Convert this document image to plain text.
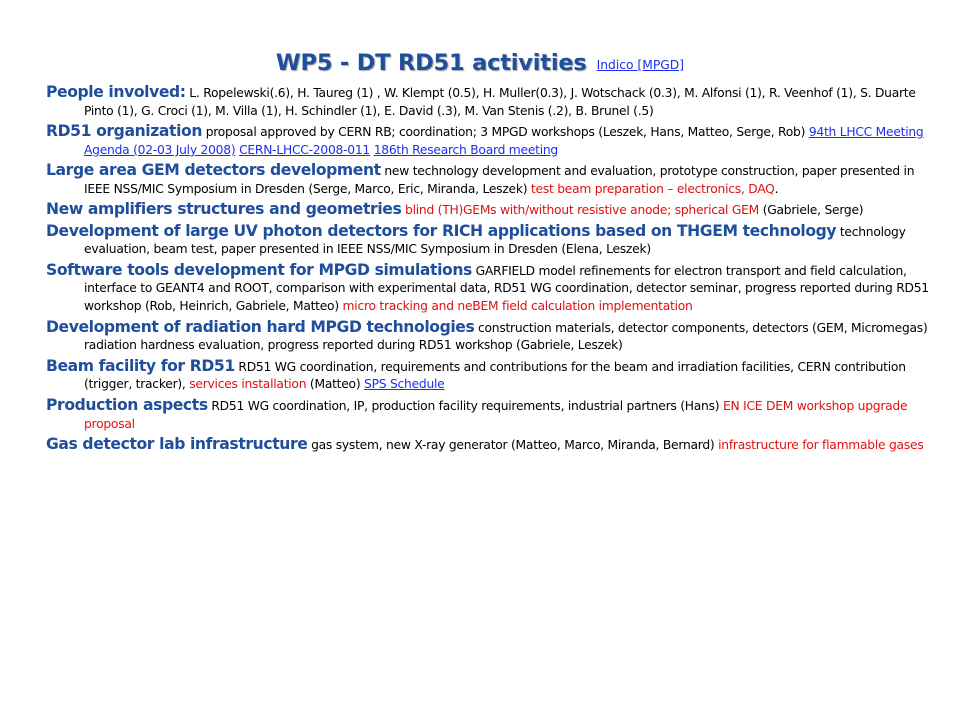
WP5 - DT RD51 activities Indico [MPGD]
People involved: L. Ropelewski(.6), H. Taureg (1) , W. Klempt (0.5), H. Muller(0.3), J. Wotschack (0.3), M. Alfonsi (1), R. Veenhof (1), S. Duarte Pinto (1), G. Croci (1), M. Villa (1), H. Schindler (1), E. David (.3), M. Van Stenis (.2), B. Brunel (.5)
RD51 organization proposal approved by CERN RB; coordination; 3 MPGD workshops (Leszek, Hans, Matteo, Serge, Rob) 94th LHCC Meeting Agenda (02-03 July 2008) CERN-LHCC-2008-011 186th Research Board meeting
Large area GEM detectors development new technology development and evaluation, prototype construction, paper presented in IEEE NSS/MIC Symposium in Dresden (Serge, Marco, Eric, Miranda, Leszek) test beam preparation – electronics, DAQ.
New amplifiers structures and geometries blind (TH)GEMs with/without resistive anode; spherical GEM (Gabriele, Serge)
Development of large UV photon detectors for RICH applications based on THGEM technology technology evaluation, beam test, paper presented in IEEE NSS/MIC Symposium in Dresden (Elena, Leszek)
Software tools development for MPGD simulations GARFIELD model refinements for electron transport and field calculation, interface to GEANT4 and ROOT, comparison with experimental data, RD51 WG coordination, detector seminar, progress reported during RD51 workshop (Rob, Heinrich, Gabriele, Matteo) micro tracking and neBEM field calculation implementation
Development of radiation hard MPGD technologies construction materials, detector components, detectors (GEM, Micromegas) radiation hardness evaluation, progress reported during RD51 workshop (Gabriele, Leszek)
Beam facility for RD51 RD51 WG coordination, requirements and contributions for the beam and irradiation facilities, CERN contribution (trigger, tracker), services installation (Matteo) SPS Schedule
Production aspects RD51 WG coordination, IP, production facility requirements, industrial partners (Hans) EN ICE DEM workshop upgrade proposal
Gas detector lab infrastructure gas system, new X-ray generator (Matteo, Marco, Miranda, Bernard) infrastructure for flammable gases
